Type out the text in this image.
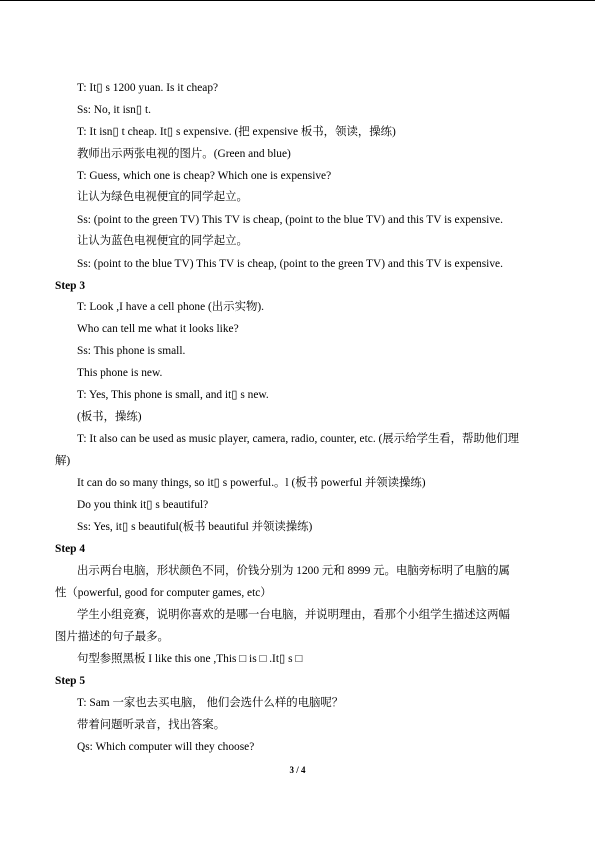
T: It▯ s 1200 yuan. Is it cheap?
Ss: No, it isn▯ t.
T: It isn▯ t cheap. It▯ s expensive. (把 expensive 板书，领读，操练)
教师出示两张电视的图片。(Green and blue)
T: Guess, which one is cheap? Which one is expensive?
让认为绿色电视便宜的同学起立。
Ss: (point to the green TV) This TV is cheap, (point to the blue TV) and this TV is expensive.
让认为蓝色电视便宜的同学起立。
Ss: (point to the blue TV) This TV is cheap, (point to the green TV) and this TV is expensive.
Step 3
T: Look ,I have a cell phone (出示实物).
Who can tell me what it looks like?
Ss: This phone is small.
This phone is new.
T: Yes, This phone is small, and it▯ s new.
(板书，操练)
T: It also can be used as music player, camera, radio, counter, etc. (展示给学生看，帮助他们理
解)
It can do so many things, so it▯ s powerful.。l (板书 powerful 并领读操练)
Do you think it▯ s beautiful?
Ss: Yes, it▯ s beautiful(板书 beautiful 并领读操练)
Step 4
出示两台电脑，形状颜色不同，价钱分别为 1200 元和 8999 元。电脑旁标明了电脑的属
性（powerful, good for computer games, etc）
学生小组竞赛，说明你喜欢的是哪一台电脑，并说明理由，看那个小组学生描述这两幅
图片描述的句子最多。
句型参照黑板 I like this one ,This □ is □ .It▯ s □
Step 5
T: Sam 一家也去买电脑， 他们会选什么样的电脑呢？
带着问题听录音，找出答案。
Qs: Which computer will they choose?
3 / 4
